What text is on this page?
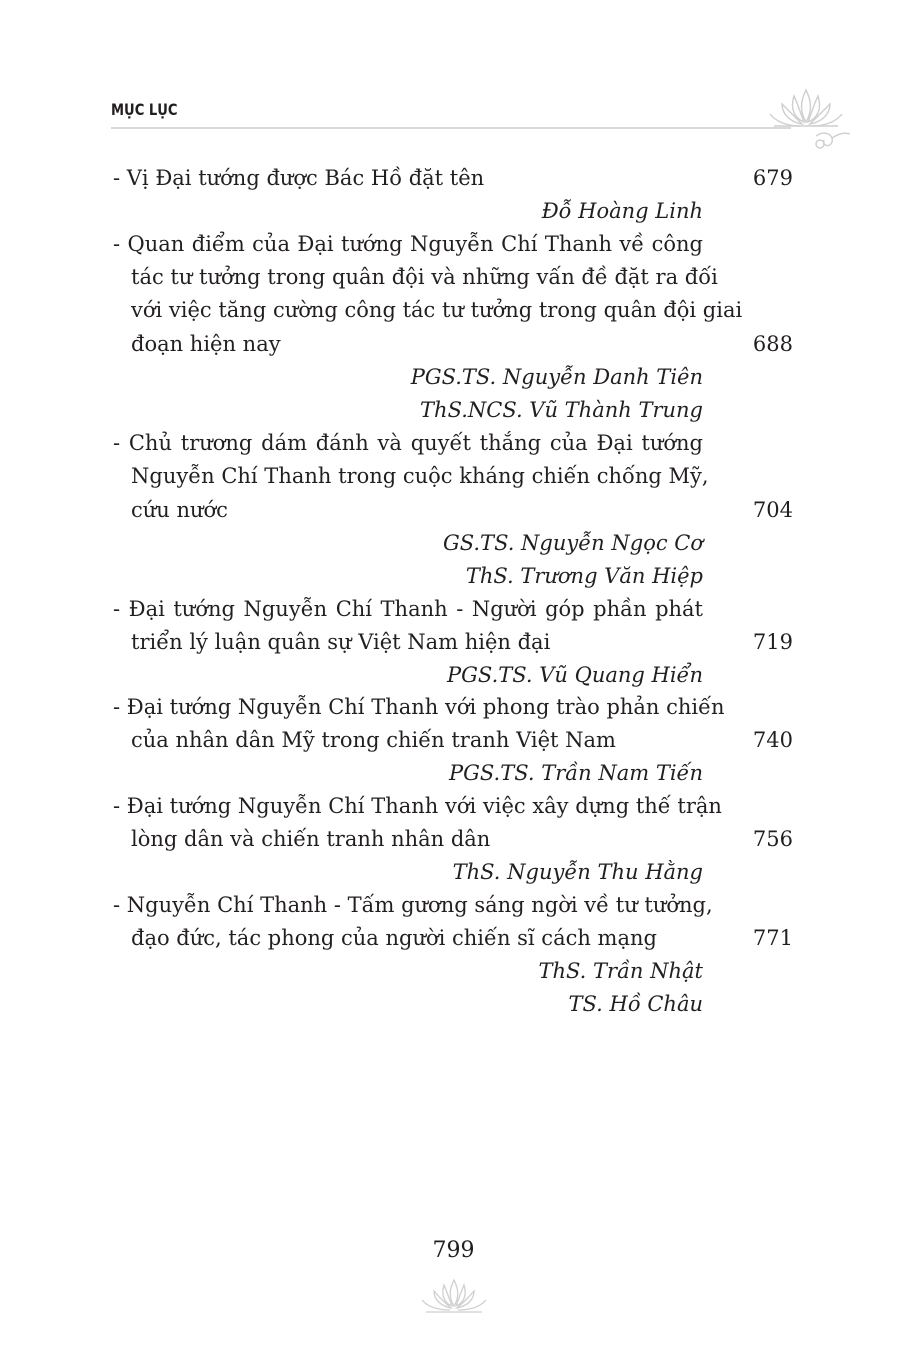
MỤC LỤC
- Vị Đại tướng được Bác Hồ đặt tên	679
Đỗ Hoàng Linh
- Quan điểm của Đại tướng Nguyễn Chí Thanh về công
tác tư tưởng trong quân đội và những vấn đề đặt ra đối
với việc tăng cường công tác tư tưởng trong quân đội giai
đoạn hiện nay	688
PGS.TS. Nguyễn Danh Tiên
ThS.NCS. Vũ Thành Trung
- Chủ trương dám đánh và quyết thắng của Đại tướng
Nguyễn Chí Thanh trong cuộc kháng chiến chống Mỹ,
cứu nước	704
GS.TS. Nguyễn Ngọc Cơ
ThS. Trương Văn Hiệp
- Đại tướng Nguyễn Chí Thanh - Người góp phần phát
triển lý luận quân sự Việt Nam hiện đại	719
PGS.TS. Vũ Quang Hiển
- Đại tướng Nguyễn Chí Thanh với phong trào phản chiến
của nhân dân Mỹ trong chiến tranh Việt Nam	740
PGS.TS. Trần Nam Tiến
- Đại tướng Nguyễn Chí Thanh với việc xây dựng thế trận
lòng dân và chiến tranh nhân dân	756
ThS. Nguyễn Thu Hằng
- Nguyễn Chí Thanh - Tấm gương sáng ngời về tư tưởng,
đạo đức, tác phong của người chiến sĩ cách mạng	771
ThS. Trần Nhật
TS. Hồ Châu
799
